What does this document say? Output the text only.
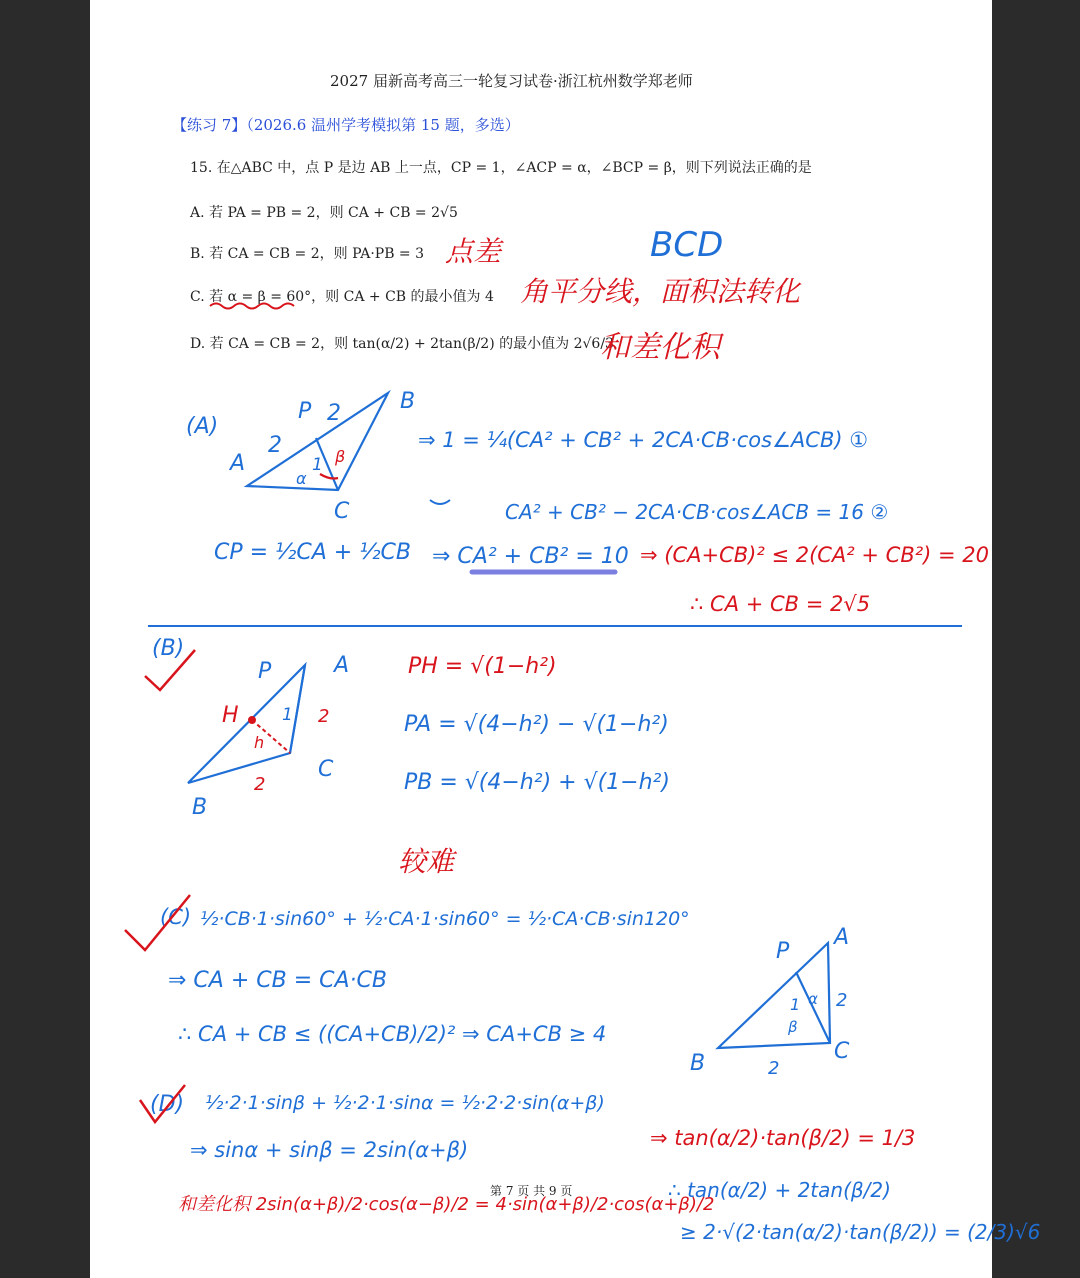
2027 届新高考高三一轮复习试卷·浙江杭州数学郑老师
【练习 7】（2026.6 温州学考模拟第 15 题，多选）
15. 在△ABC 中，点 P 是边 AB 上一点，CP = 1，∠ACP = α，∠BCP = β，则下列说法正确的是
A. 若 PA = PB = 2，则 CA + CB = 2√5
B. 若 CA = CB = 2，则 PA·PB = 3
C. 若 α = β = 60°，则 CA + CB 的最小值为 4
D. 若 CA = CB = 2，则 tan(α/2) + 2tan(β/2) 的最小值为 2√6/3
第 7 页 共 9 页
BCD
点差
角平分线，面积法转化
和差化积
(A)
⇒ 1 = ¼(CA² + CB² + 2CA·CB·cos∠ACB) ①
CA² + CB² − 2CA·CB·cos∠ACB = 16 ②
⇒ CA² + CB² = 10 ⇒ (CA+CB)² ≤ 2(CA² + CB²) = 20
∴ CA + CB = 2√5
CP = ½CA + ½CB
(B)
PH = √(1−h²)
PA = √(4−h²) − √(1−h²)
PB = √(4−h²) + √(1−h²)
较难
(C) ½·CB·1·sin60° + ½·CA·1·sin60° = ½·CA·CB·sin120°
⇒ CA + CB = CA·CB
∴ CA + CB ≤ ((CA+CB)/2)² ⇒ CA+CB ≥ 4
(D) ½·2·1·sinβ + ½·2·1·sinα = ½·2·2·sin(α+β)
⇒ sinα + sinβ = 2sin(α+β)
和差化积 2sin(α+β)/2·cos(α−β)/2 = 4·sin(α+β)/2·cos(α+β)/2
⇒ tan(α/2)·tan(β/2) = 1/3
∴ tan(α/2) + 2tan(β/2)
≥ 2·√(2·tan(α/2)·tan(β/2)) = (2/3)√6
P 2	B
2
A	1
α
β
C
P	A
H	1 2
h
C
2
B
P
A
1 α 2
β
B	2
C
